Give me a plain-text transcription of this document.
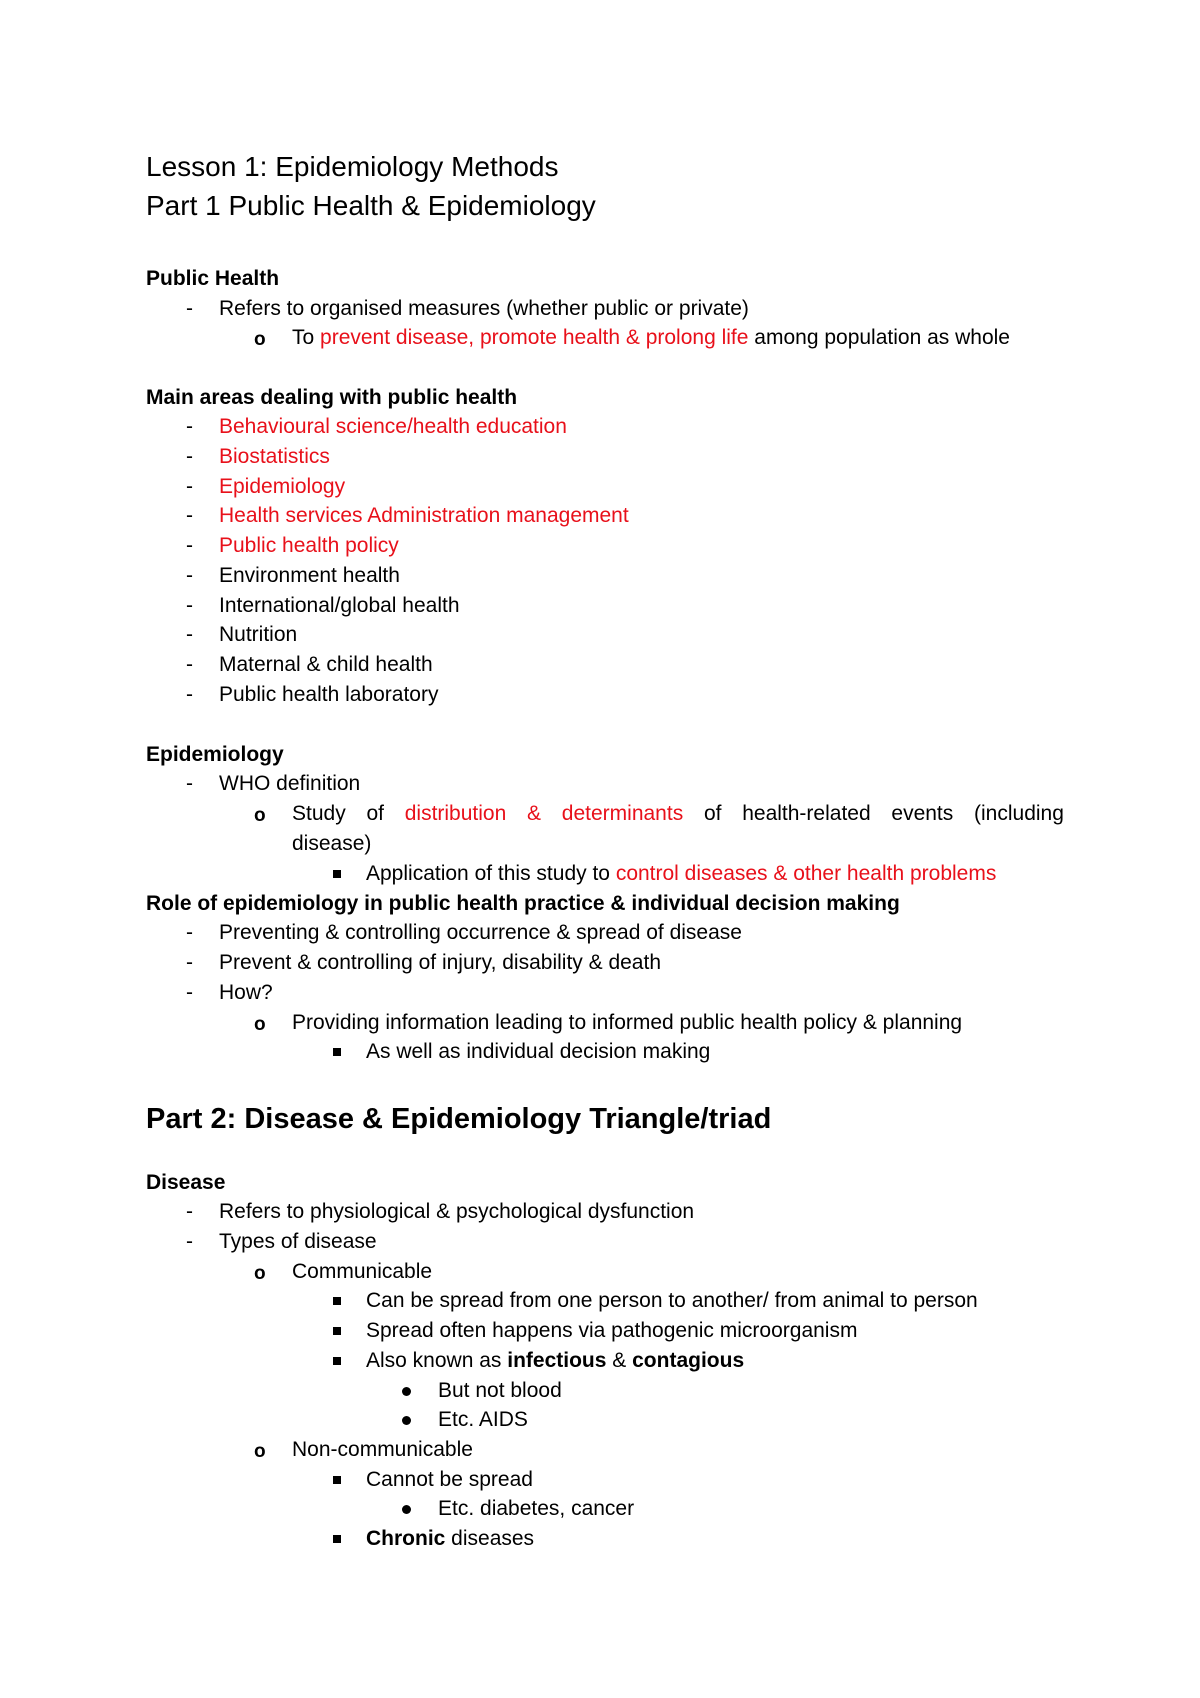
Lesson 1: Epidemiology Methods
Part 1 Public Health & Epidemiology
Public Health
- Refers to organised measures (whether public or private)
o To prevent disease, promote health & prolong life among population as whole
Main areas dealing with public health
- Behavioural science/health education
- Biostatistics
- Epidemiology
- Health services Administration management
- Public health policy
- Environment health
- International/global health
- Nutrition
- Maternal & child health
- Public health laboratory
Epidemiology
- WHO definition
o Study of distribution & determinants of health-related events (including
disease)
Application of this study to control diseases & other health problems
Role of epidemiology in public health practice & individual decision making
- Preventing & controlling occurrence & spread of disease
- Prevent & controlling of injury, disability & death
- How?
o Providing information leading to informed public health policy & planning
As well as individual decision making
Part 2: Disease & Epidemiology Triangle/triad
Disease
- Refers to physiological & psychological dysfunction
- Types of disease
o Communicable
Can be spread from one person to another/ from animal to person
Spread often happens via pathogenic microorganism
Also known as infectious & contagious
But not blood
Etc. AIDS
o Non-communicable
Cannot be spread
Etc. diabetes, cancer
Chronic diseases
